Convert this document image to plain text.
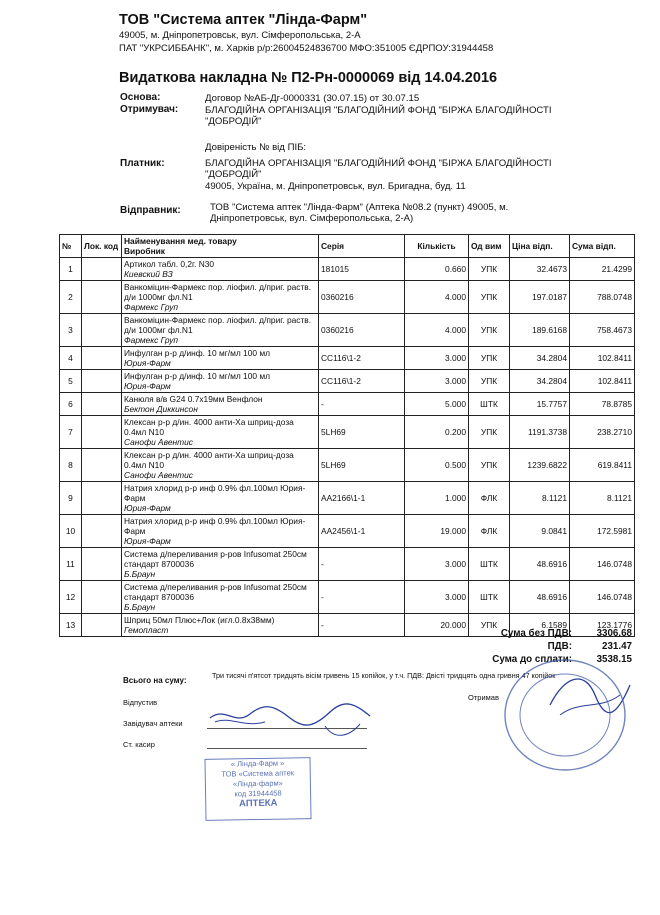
ТОВ "Система аптек "Лінда-Фарм"
49005, м. Дніпропетровськ, вул. Сімферопольська, 2-А
ПАТ "УКРСИББАНК", м. Харків р/р:26004524836700 МФО:351005 ЄДРПОУ:31944458
Видаткова накладна № П2-Рн-0000069 від 14.04.2016
Основа:	Договор №АБ-Дг-0000331 (30.07.15) от 30.07.15
Отримувач:	БЛАГОДІЙНА ОРГАНІЗАЦІЯ "БЛАГОДІЙНИЙ ФОНД "БІРЖА БЛАГОДІЙНОСТІ "ДОБРОДІЙ"
Довіреність № від ПІБ:
Платник:	БЛАГОДІЙНА ОРГАНІЗАЦІЯ "БЛАГОДІЙНИЙ ФОНД "БІРЖА БЛАГОДІЙНОСТІ "ДОБРОДІЙ"
49005, Україна, м. Дніпропетровськ, вул. Бригадна, буд. 11
Відправник:	ТОВ "Система аптек "Лінда-Фарм" (Аптека №08.2 (пункт) 49005, м. Дніпропетровськ, вул. Сімферопольська, 2-А)
№	Лок. код	Найменування мед. товару
Виробник	Серія	Кількість	Од вим	Ціна відп.	Сума відп.
1		Артикол табл. 0,2г. N30
Киевский ВЗ	181015	0.660	УПК	32.4673	21.4299
2		Ванкоміцин-Фармекс пор. ліофил. д/приг. раств. д/и 1000мг фл.N1
Фармекс Груп	0360216	4.000	УПК	197.0187	788.0748
3		Ванкоміцин-Фармекс пор. ліофил. д/приг. раств. д/и 1000мг фл.N1
Фармекс Груп	0360216	4.000	УПК	189.6168	758.4673
4		Инфулган р-р д/инф. 10 мг/мл 100 мл
Юрия-Фарм	СС116\1-2	3.000	УПК	34.2804	102.8411
5		Инфулган р-р д/инф. 10 мг/мл 100 мл
Юрия-Фарм	СС116\1-2	3.000	УПК	34.2804	102.8411
6		Канюля в/в G24 0.7x19мм Венфлон
Бектон Диккинсон	-	5.000	ШТК	15.7757	78.8785
7		Клексан р-р д/ин. 4000 анти-Ха шприц-доза 0.4мл N10
Санофи Авентис	5LH69	0.200	УПК	1191.3738	238.2710
8		Клексан р-р д/ин. 4000 анти-Ха шприц-доза 0.4мл N10
Санофи Авентис	5LH69	0.500	УПК	1239.6822	619.8411
9		Натрия хлорид р-р инф 0.9% фл.100мл Юрия-Фарм
Юрия-Фарм	АА2166\1-1	1.000	ФЛК	8.1121	8.1121
10		Натрия хлорид р-р инф 0.9% фл.100мл Юрия-Фарм
Юрия-Фарм	АА2456\1-1	19.000	ФЛК	9.0841	172.5981
11		Система д/переливания р-ров Infusomat 250см стандарт 8700036
Б.Браун	-	3.000	ШТК	48.6916	146.0748
12		Система д/переливания р-ров Infusomat 250см стандарт 8700036
Б.Браун	-	3.000	ШТК	48.6916	146.0748
13		Шприц 50мл Плюс+Лок (игл.0.8x38мм)
Гемопласт	-	20.000	УПК	6.1589	123.1776
Сума без ПДВ:	3306.68
ПДВ:	231.47
Сума до сплати:	3538.15
Всього на суму:
Три тисячі п'ятсот тридцять вісім гривень 15 копійок, у т.ч. ПДВ: Двісті тридцять одна гривня 47 копійок
Відпустив
Завідувач аптеки
Ст. касир
Отримав
« Лінда-Фарм »
ТОВ «Система аптек
«Лінда-фарм»
код 31944458
АПТЕКА
